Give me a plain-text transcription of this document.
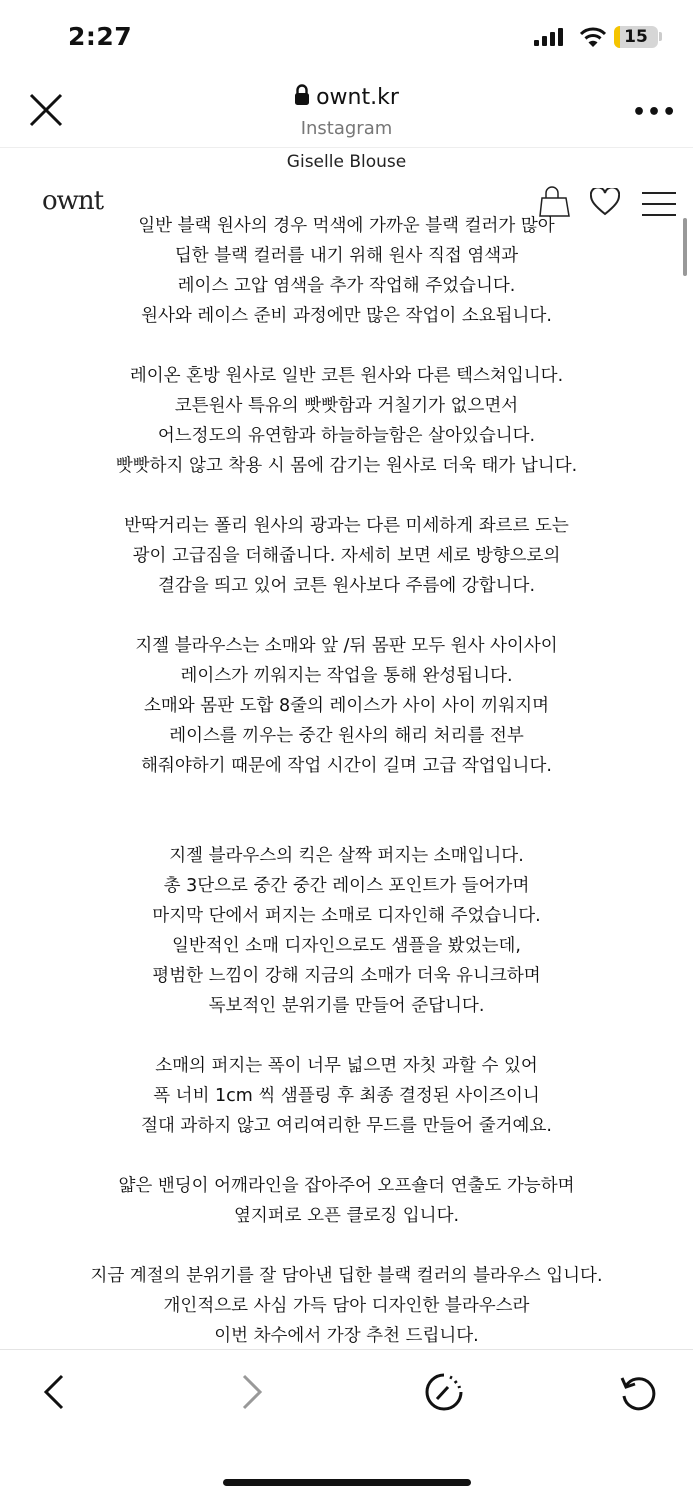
2:27	15
ownt.kr
Instagram
•••
Giselle Blouse
ownt
일반 블랙 원사의 경우 먹색에 가까운 블랙 컬러가 많아
딥한 블랙 컬러를 내기 위해 원사 직접 염색과
레이스 고압 염색을 추가 작업해 주었습니다.
원사와 레이스 준비 과정에만 많은 작업이 소요됩니다.
레이온 혼방 원사로 일반 코튼 원사와 다른 텍스쳐입니다.
코튼원사 특유의 빳빳함과 거칠기가 없으면서
어느정도의 유연함과 하늘하늘함은 살아있습니다.
빳빳하지 않고 착용 시 몸에 감기는 원사로 더욱 태가 납니다.
반딱거리는 폴리 원사의 광과는 다른 미세하게 좌르르 도는
광이 고급짐을 더해줍니다. 자세히 보면 세로 방향으로의
결감을 띄고 있어 코튼 원사보다 주름에 강합니다.
지젤 블라우스는 소매와 앞 /뒤 몸판 모두 원사 사이사이
레이스가 끼워지는 작업을 통해 완성됩니다.
소매와 몸판 도합 8줄의 레이스가 사이 사이 끼워지며
레이스를 끼우는 중간 원사의 해리 처리를 전부
해줘야하기 때문에 작업 시간이 길며 고급 작업입니다.
지젤 블라우스의 킥은 살짝 퍼지는 소매입니다.
총 3단으로 중간 중간 레이스 포인트가 들어가며
마지막 단에서 퍼지는 소매로 디자인해 주었습니다.
일반적인 소매 디자인으로도 샘플을 봤었는데,
평범한 느낌이 강해 지금의 소매가 더욱 유니크하며
독보적인 분위기를 만들어 준답니다.
소매의 퍼지는 폭이 너무 넓으면 자칫 과할 수 있어
폭 너비 1cm 씩 샘플링 후 최종 결정된 사이즈이니
절대 과하지 않고 여리여리한 무드를 만들어 줄거예요.
얇은 밴딩이 어깨라인을 잡아주어 오프숄더 연출도 가능하며
옆지퍼로 오픈 클로징 입니다.
지금 계절의 분위기를 잘 담아낸 딥한 블랙 컬러의 블라우스 입니다.
개인적으로 사심 가득 담아 디자인한 블라우스라
이번 차수에서 가장 추천 드립니다.
